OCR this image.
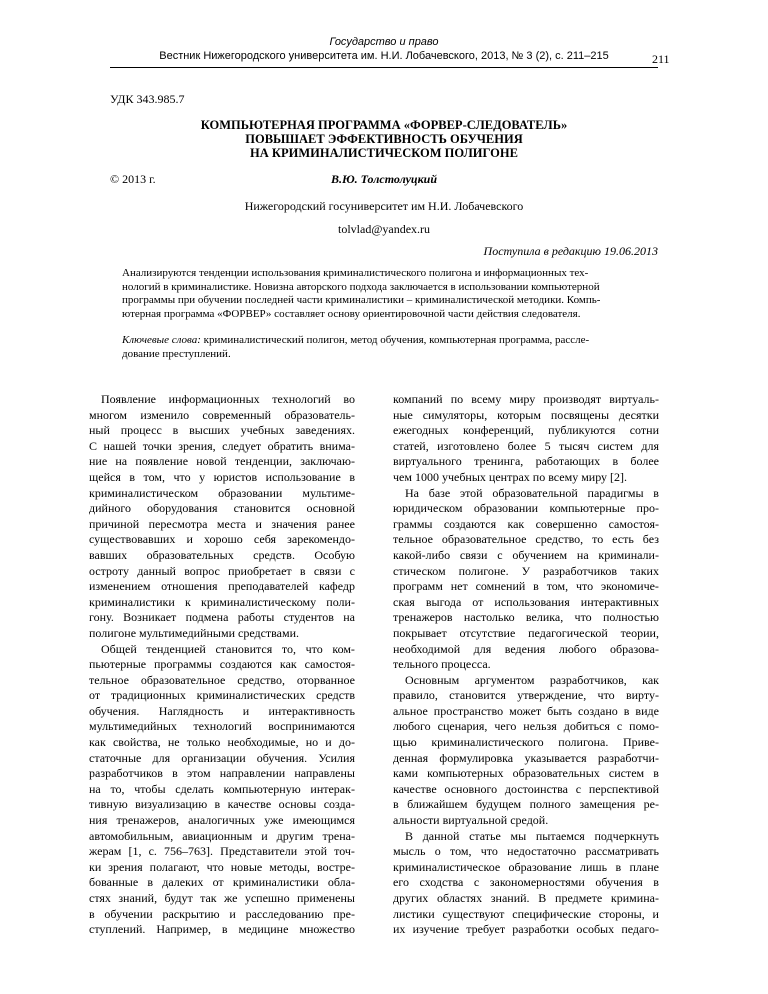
Государство и право
Вестник Нижегородского университета им. Н.И. Лобачевского, 2013, № 3 (2), с. 211–215	211
УДК 343.985.7
КОМПЬЮТЕРНАЯ ПРОГРАММА «ФОРВЕР-СЛЕДОВАТЕЛЬ»
ПОВЫШАЕТ ЭФФЕКТИВНОСТЬ ОБУЧЕНИЯ
НА КРИМИНАЛИСТИЧЕСКОМ ПОЛИГОНЕ
© 2013 г.	В.Ю. Толстолуцкий
Нижегородский госуниверситет им Н.И. Лобачевского
tolvlad@yandex.ru
Поступила в редакцию 19.06.2013
Анализируются тенденции использования криминалистического полигона и информационных тех-
нологий в криминалистике. Новизна авторского подхода заключается в использовании компьютерной
программы при обучении последней части криминалистики – криминалистической методики. Компь-
ютерная программа «ФОРВЕР» составляет основу ориентировочной части действия следователя.
Ключевые слова: криминалистический полигон, метод обучения, компьютерная программа, рассле-
дование преступлений.
Появление информационных технологий во
многом изменило современный образователь-
ный процесс в высших учебных заведениях.
С нашей точки зрения, следует обратить внима-
ние на появление новой тенденции, заключаю-
щейся в том, что у юристов использование в
криминалистическом образовании мультиме-
дийного оборудования становится основной
причиной пересмотра места и значения ранее
существовавших и хорошо себя зарекомендо-
вавших образовательных средств. Особую
остроту данный вопрос приобретает в связи с
изменением отношения преподавателей кафедр
криминалистики к криминалистическому поли-
гону. Возникает подмена работы студентов на
полигоне мультимедийными средствами.
Общей тенденцией становится то, что ком-
пьютерные программы создаются как самостоя-
тельное образовательное средство, оторванное
от традиционных криминалистических средств
обучения. Наглядность и интерактивность
мультимедийных технологий воспринимаются
как свойства, не только необходимые, но и до-
статочные для организации обучения. Усилия
разработчиков в этом направлении направлены
на то, чтобы сделать компьютерную интерак-
тивную визуализацию в качестве основы созда-
ния тренажеров, аналогичных уже имеющимся
автомобильным, авиационным и другим трена-
жерам [1, с. 756–763]. Представители этой точ-
ки зрения полагают, что новые методы, востре-
бованные в далеких от криминалистики обла-
стях знаний, будут так же успешно применены
в обучении раскрытию и расследованию пре-
ступлений. Например, в медицине множество
компаний по всему миру производят виртуаль-
ные симуляторы, которым посвящены десятки
ежегодных конференций, публикуются сотни
статей, изготовлено более 5 тысяч систем для
виртуального тренинга, работающих в более
чем 1000 учебных центрах по всему миру [2].
На базе этой образовательной парадигмы в
юридическом образовании компьютерные про-
граммы создаются как совершенно самостоя-
тельное образовательное средство, то есть без
какой-либо связи с обучением на криминали-
стическом полигоне. У разработчиков таких
программ нет сомнений в том, что экономиче-
ская выгода от использования интерактивных
тренажеров настолько велика, что полностью
покрывает отсутствие педагогической теории,
необходимой для ведения любого образова-
тельного процесса.
Основным аргументом разработчиков, как
правило, становится утверждение, что вирту-
альное пространство может быть создано в виде
любого сценария, чего нельзя добиться с помо-
щью криминалистического полигона. Приве-
денная формулировка указывается разработчи-
ками компьютерных образовательных систем в
качестве основного достоинства с перспективой
в ближайшем будущем полного замещения ре-
альности виртуальной средой.
В данной статье мы пытаемся подчеркнуть
мысль о том, что недостаточно рассматривать
криминалистическое образование лишь в плане
его сходства с закономерностями обучения в
других областях знаний. В предмете кримина-
листики существуют специфические стороны, и
их изучение требует разработки особых педаго-
